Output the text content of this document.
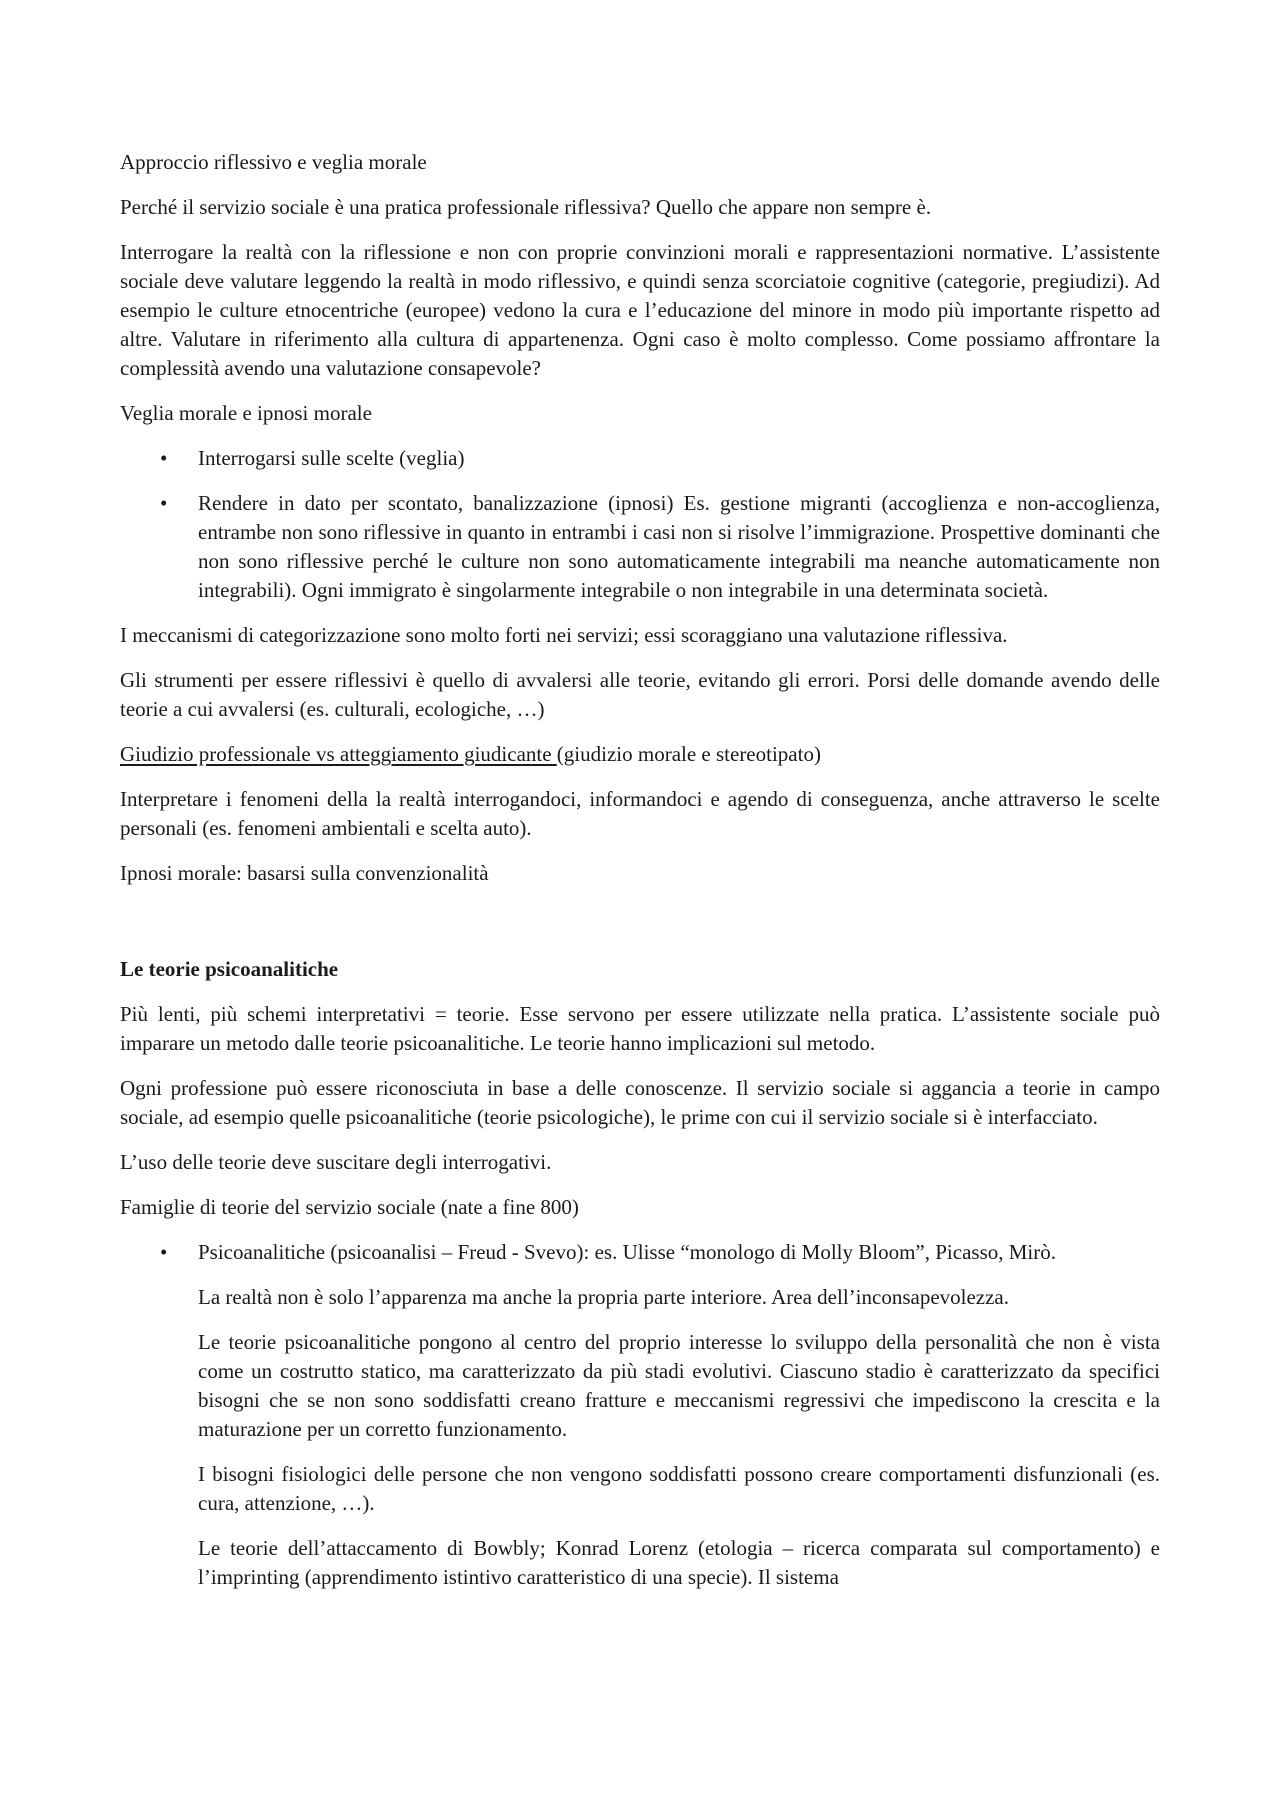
Approccio riflessivo e veglia morale

Perché il servizio sociale è una pratica professionale riflessiva? Quello che appare non sempre è.

Interrogare la realtà con la riflessione e non con proprie convinzioni morali e rappresentazioni normative. L’assistente sociale deve valutare leggendo la realtà in modo riflessivo, e quindi senza scorciatoie cognitive (categorie, pregiudizi). Ad esempio le culture etnocentriche (europee) vedono la cura e l’educazione del minore in modo più importante rispetto ad altre. Valutare in riferimento alla cultura di appartenenza. Ogni caso è molto complesso. Come possiamo affrontare la complessità avendo una valutazione consapevole?

Veglia morale e ipnosi morale

• Interrogarsi sulle scelte (veglia)
• Rendere in dato per scontato, banalizzazione (ipnosi) Es. gestione migranti (accoglienza e non-accoglienza, entrambe non sono riflessive in quanto in entrambi i casi non si risolve l’immigrazione. Prospettive dominanti che non sono riflessive perché le culture non sono automaticamente integrabili ma neanche automaticamente non integrabili). Ogni immigrato è singolarmente integrabile o non integrabile in una determinata società.

I meccanismi di categorizzazione sono molto forti nei servizi; essi scoraggiano una valutazione riflessiva.

Gli strumenti per essere riflessivi è quello di avvalersi alle teorie, evitando gli errori. Porsi delle domande avendo delle teorie a cui avvalersi (es. culturali, ecologiche, …)

Giudizio professionale vs atteggiamento giudicante (giudizio morale e stereotipato)

Interpretare i fenomeni della la realtà interrogandoci, informandoci e agendo di conseguenza, anche attraverso le scelte personali (es. fenomeni ambientali e scelta auto).

Ipnosi morale: basarsi sulla convenzionalità

Le teorie psicoanalitiche

Più lenti, più schemi interpretativi = teorie. Esse servono per essere utilizzate nella pratica. L’assistente sociale può imparare un metodo dalle teorie psicoanalitiche. Le teorie hanno implicazioni sul metodo.

Ogni professione può essere riconosciuta in base a delle conoscenze. Il servizio sociale si aggancia a teorie in campo sociale, ad esempio quelle psicoanalitiche (teorie psicologiche), le prime con cui il servizio sociale si è interfacciato.

L’uso delle teorie deve suscitare degli interrogativi.

Famiglie di teorie del servizio sociale (nate a fine 800)

• Psicoanalitiche (psicoanalisi – Freud - Svevo): es. Ulisse “monologo di Molly Bloom”, Picasso, Mirò.

La realtà non è solo l’apparenza ma anche la propria parte interiore. Area dell’inconsapevolezza.

Le teorie psicoanalitiche pongono al centro del proprio interesse lo sviluppo della personalità che non è vista come un costrutto statico, ma caratterizzato da più stadi evolutivi. Ciascuno stadio è caratterizzato da specifici bisogni che se non sono soddisfatti creano fratture e meccanismi regressivi che impediscono la crescita e la maturazione per un corretto funzionamento.

I bisogni fisiologici delle persone che non vengono soddisfatti possono creare comportamenti disfunzionali (es. cura, attenzione, …).

Le teorie dell’attaccamento di Bowbly; Konrad Lorenz (etologia – ricerca comparata sul comportamento) e l’imprinting (apprendimento istintivo caratteristico di una specie). Il sistema
